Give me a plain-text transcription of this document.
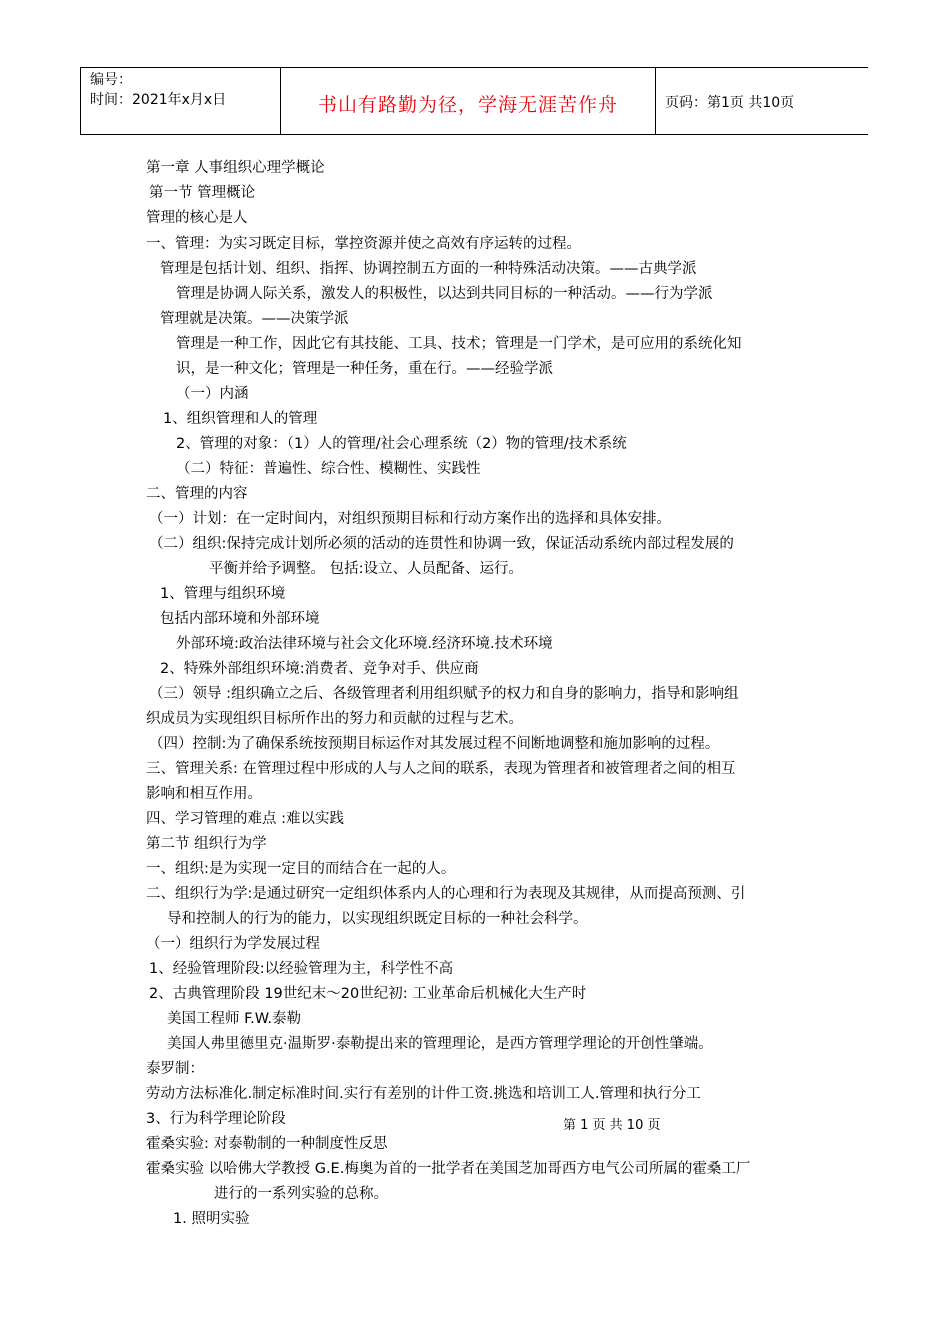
编号：
时间：2021年x月x日	书山有路勤为径，学海无涯苦作舟	页码：第1页 共10页
第一章 人事组织心理学概论
第一节 管理概论
管理的核心是人
一、管理：为实习既定目标，掌控资源并使之高效有序运转的过程。
管理是包括计划、组织、指挥、协调控制五方面的一种特殊活动决策。——古典学派
管理是协调人际关系，激发人的积极性，以达到共同目标的一种活动。——行为学派
管理就是决策。——决策学派
管理是一种工作，因此它有其技能、工具、技术；管理是一门学术，是可应用的系统化知
识，是一种文化；管理是一种任务，重在行。——经验学派
（一）内涵
1、组织管理和人的管理
2、管理的对象：（1）人的管理/社会心理系统（2）物的管理/技术系统
（二）特征：普遍性、综合性、模糊性、实践性
二、管理的内容
（一）计划：在一定时间内，对组织预期目标和行动方案作出的选择和具体安排。
（二）组织:保持完成计划所必须的活动的连贯性和协调一致，保证活动系统内部过程发展的
平衡并给予调整。 包括:设立、人员配备、运行。
1、管理与组织环境
包括内部环境和外部环境
外部环境:政治法律环境与社会文化环境.经济环境.技术环境
2、特殊外部组织环境:消费者、竞争对手、供应商
（三）领导 :组织确立之后、各级管理者利用组织赋予的权力和自身的影响力，指导和影响组
织成员为实现组织目标所作出的努力和贡献的过程与艺术。
（四）控制:为了确保系统按预期目标运作对其发展过程不间断地调整和施加影响的过程。
三、管理关系: 在管理过程中形成的人与人之间的联系，表现为管理者和被管理者之间的相互
影响和相互作用。
四、学习管理的难点 :难以实践
第二节 组织行为学
一、组织:是为实现一定目的而结合在一起的人。
二、组织行为学:是通过研究一定组织体系内人的心理和行为表现及其规律，从而提高预测、引
导和控制人的行为的能力，以实现组织既定目标的一种社会科学。
（一）组织行为学发展过程
1、经验管理阶段:以经验管理为主，科学性不高
2、古典管理阶段 19世纪末～20世纪初: 工业革命后机械化大生产时
美国工程师 F.W.泰勒
美国人弗里德里克·温斯罗·泰勒提出来的管理理论，是西方管理学理论的开创性肇端。
泰罗制：
劳动方法标准化.制定标准时间.实行有差别的计件工资.挑选和培训工人.管理和执行分工
3、行为科学理论阶段
霍桑实验: 对泰勒制的一种制度性反思
霍桑实验 以哈佛大学教授 G.E.梅奥为首的一批学者在美国芝加哥西方电气公司所属的霍桑工厂
进行的一系列实验的总称。
1. 照明实验
第 1 页 共 10 页
